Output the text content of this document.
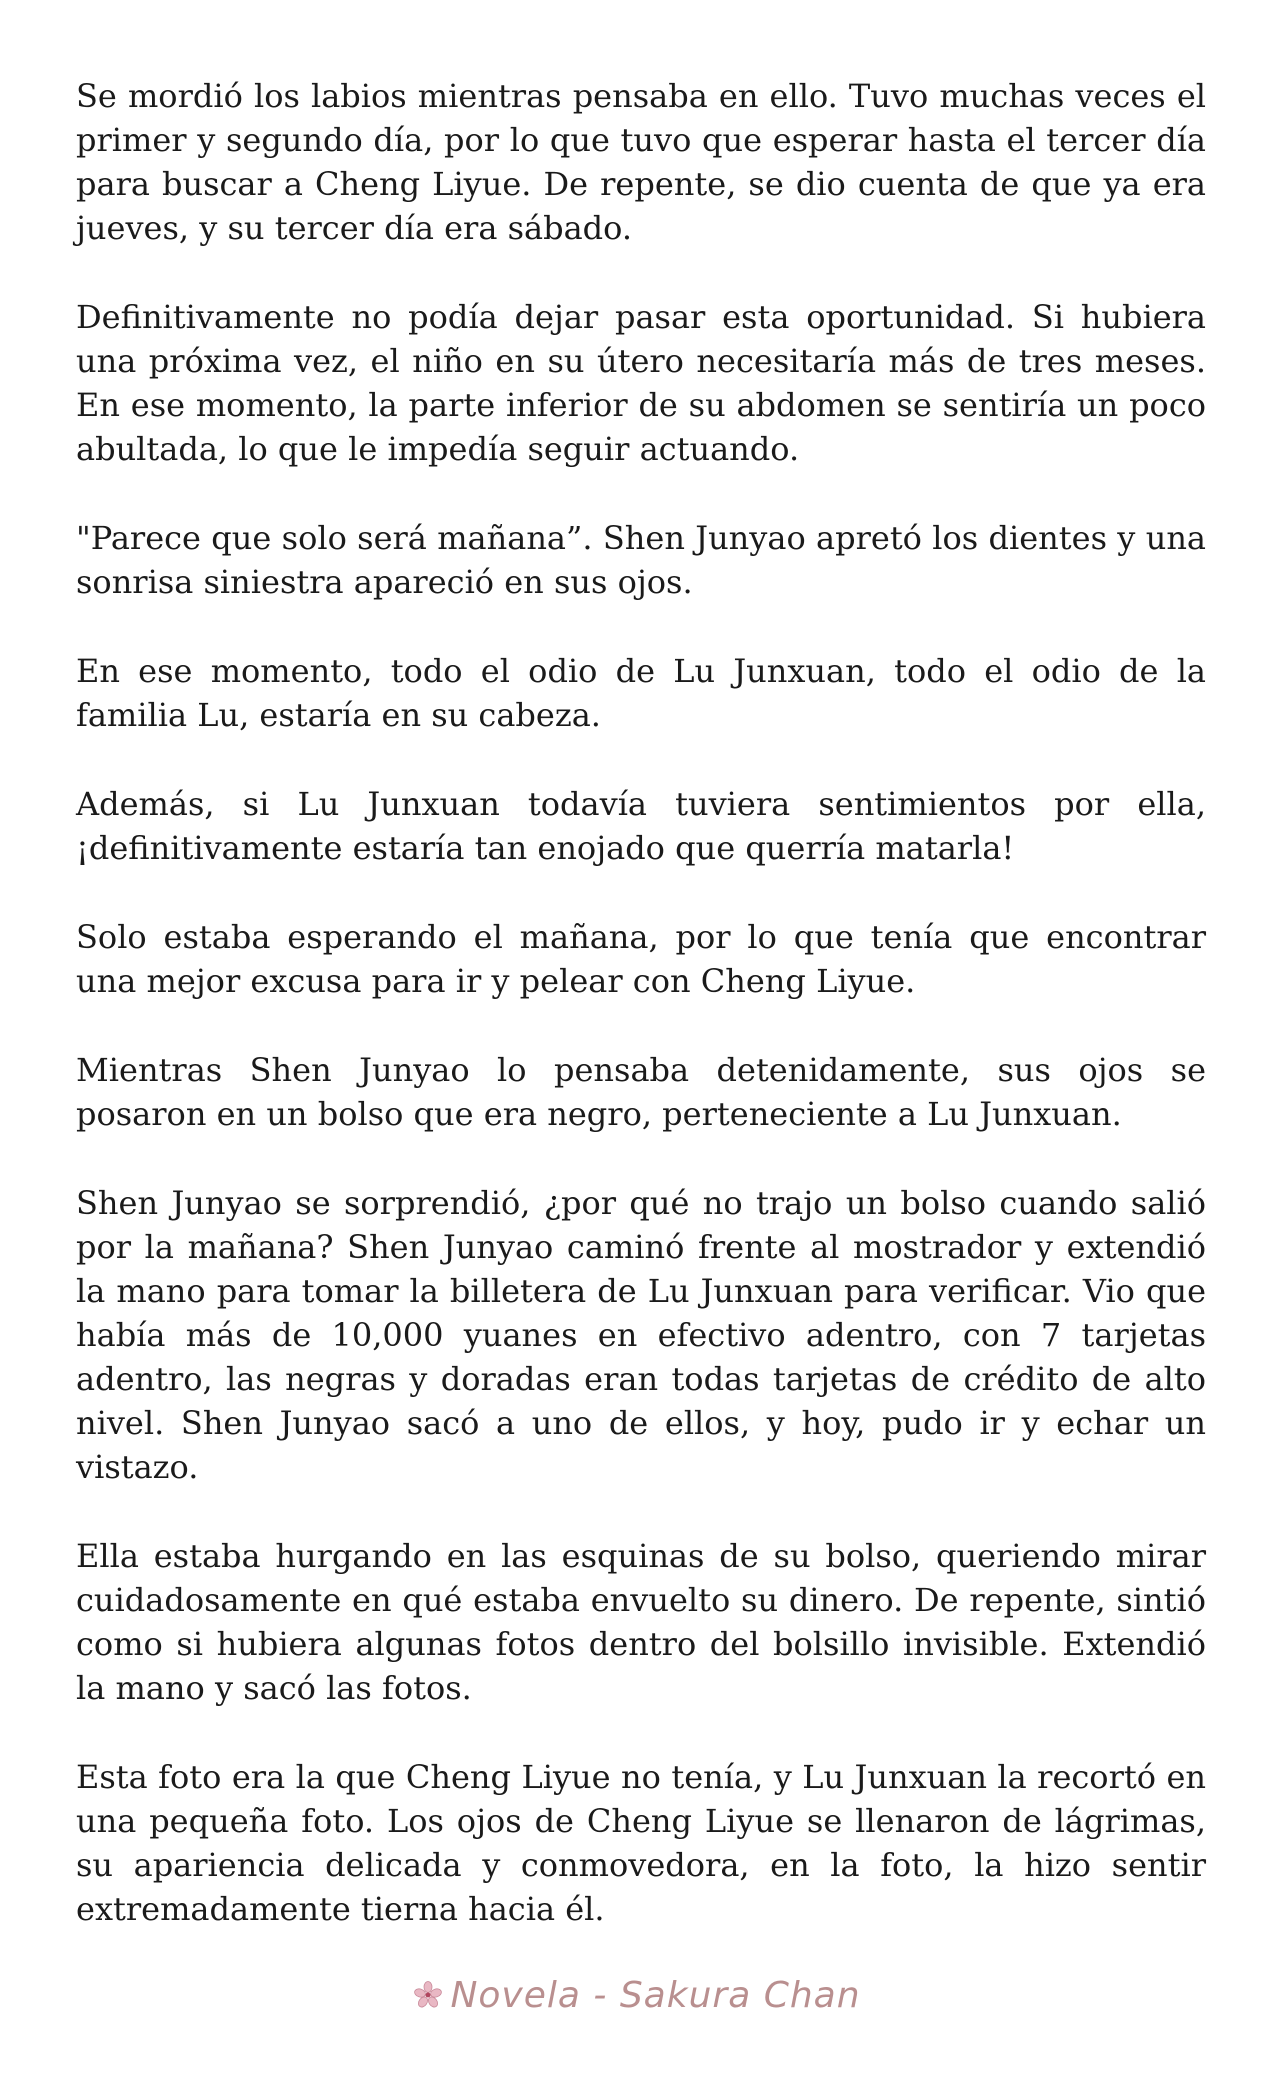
Se mordió los labios mientras pensaba en ello. Tuvo muchas veces el primer y segundo día, por lo que tuvo que esperar hasta el tercer día para buscar a Cheng Liyue. De repente, se dio cuenta de que ya era jueves, y su tercer día era sábado.

Definitivamente no podía dejar pasar esta oportunidad. Si hubiera una próxima vez, el niño en su útero necesitaría más de tres meses. En ese momento, la parte inferior de su abdomen se sentiría un poco abultada, lo que le impedía seguir actuando.

"Parece que solo será mañana”. Shen Junyao apretó los dientes y una sonrisa siniestra apareció en sus ojos.

En ese momento, todo el odio de Lu Junxuan, todo el odio de la familia Lu, estaría en su cabeza.

Además, si Lu Junxuan todavía tuviera sentimientos por ella, ¡definitivamente estaría tan enojado que querría matarla!

Solo estaba esperando el mañana, por lo que tenía que encontrar una mejor excusa para ir y pelear con Cheng Liyue.

Mientras Shen Junyao lo pensaba detenidamente, sus ojos se posaron en un bolso que era negro, perteneciente a Lu Junxuan.

Shen Junyao se sorprendió, ¿por qué no trajo un bolso cuando salió por la mañana? Shen Junyao caminó frente al mostrador y extendió la mano para tomar la billetera de Lu Junxuan para verificar. Vio que había más de 10,000 yuanes en efectivo adentro, con 7 tarjetas adentro, las negras y doradas eran todas tarjetas de crédito de alto nivel. Shen Junyao sacó a uno de ellos, y hoy, pudo ir y echar un vistazo.

Ella estaba hurgando en las esquinas de su bolso, queriendo mirar cuidadosamente en qué estaba envuelto su dinero. De repente, sintió como si hubiera algunas fotos dentro del bolsillo invisible. Extendió la mano y sacó las fotos.

Esta foto era la que Cheng Liyue no tenía, y Lu Junxuan la recortó en una pequeña foto. Los ojos de Cheng Liyue se llenaron de lágrimas, su apariencia delicada y conmovedora, en la foto, la hizo sentir extremadamente tierna hacia él.

Novela - Sakura Chan
